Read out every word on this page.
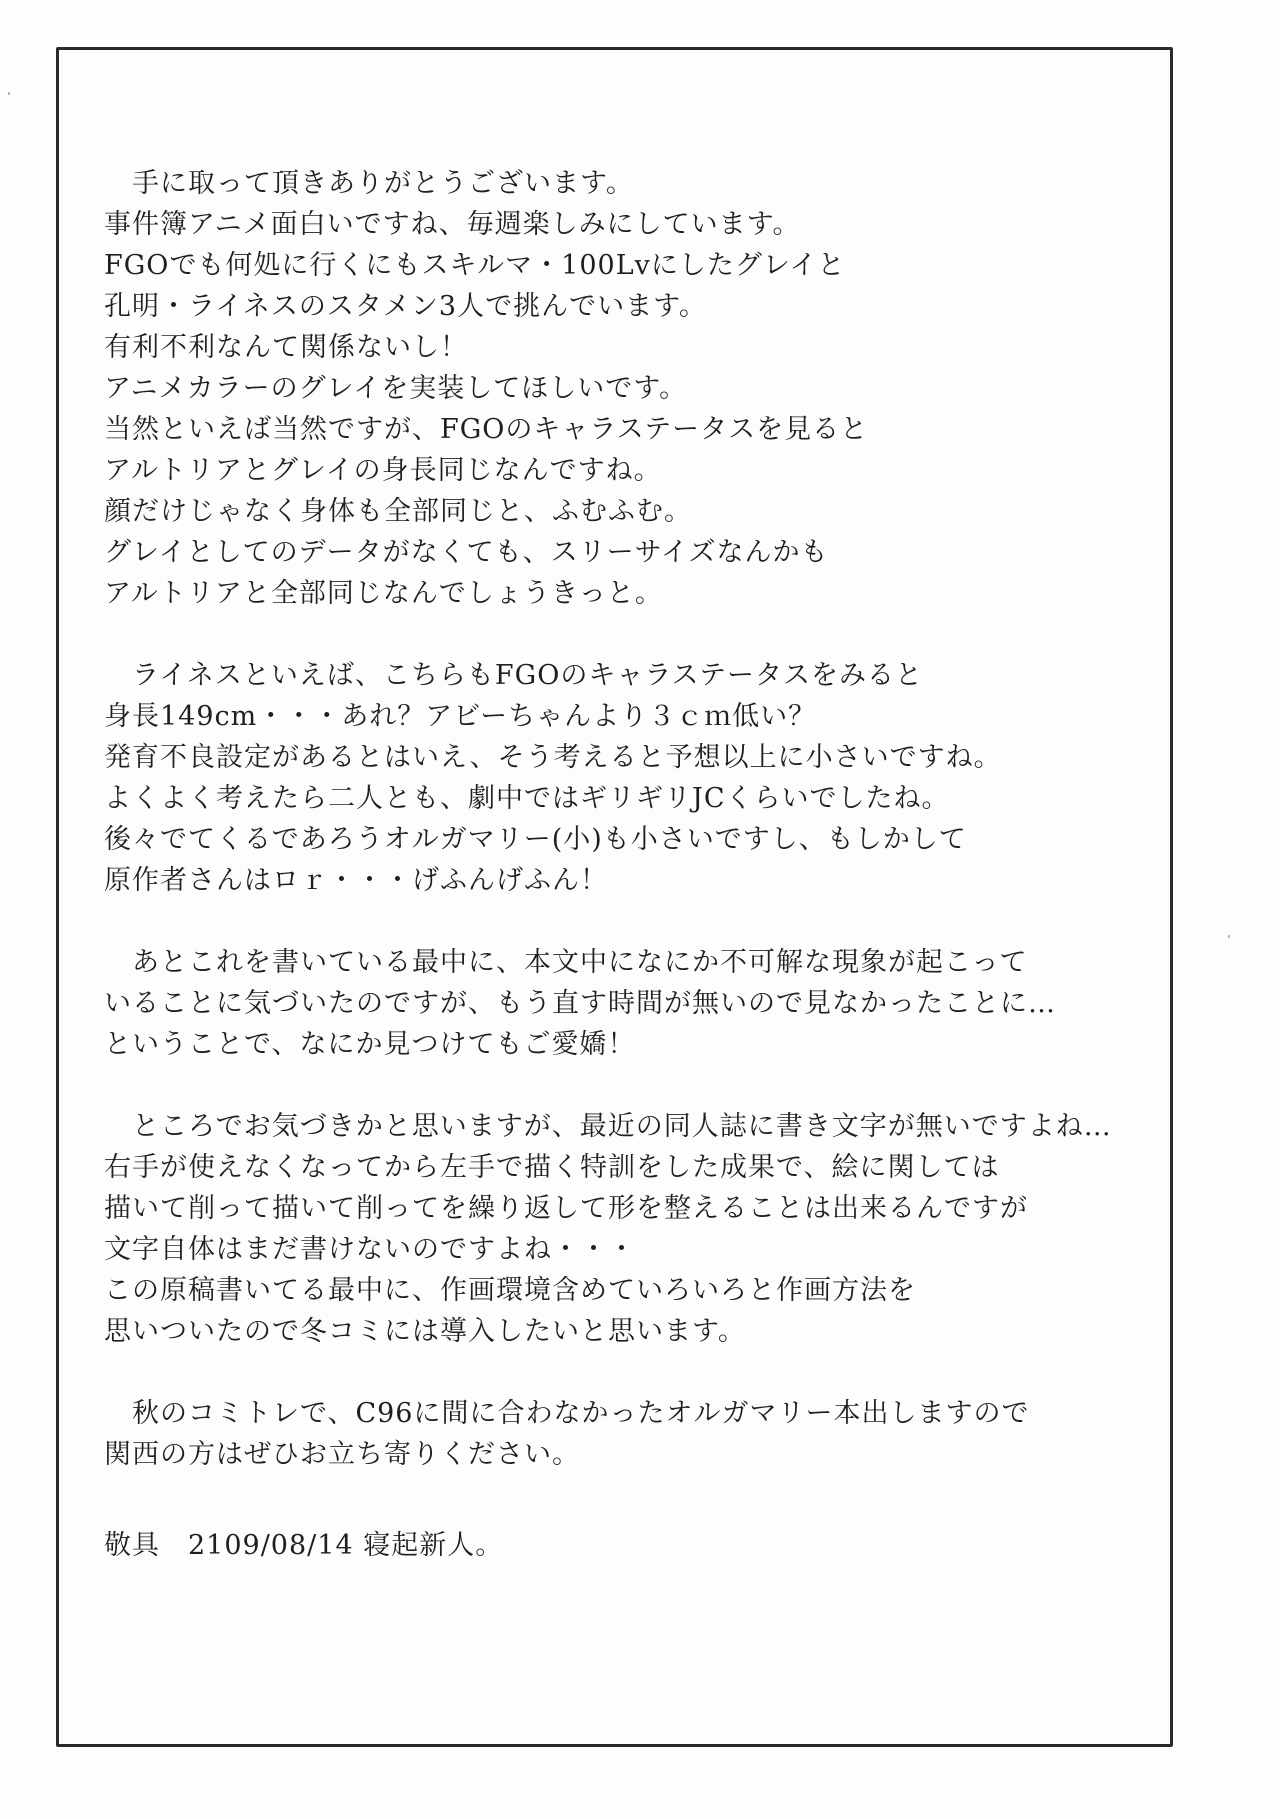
手に取って頂きありがとうございます。
事件簿アニメ面白いですね、毎週楽しみにしています。
FGOでも何処に行くにもスキルマ・100Lvにしたグレイと
孔明・ライネスのスタメン3人で挑んでいます。
有利不利なんて関係ないし！
アニメカラーのグレイを実装してほしいです。
当然といえば当然ですが、FGOのキャラステータスを見ると
アルトリアとグレイの身長同じなんですね。
顔だけじゃなく身体も全部同じと、ふむふむ。
グレイとしてのデータがなくても、スリーサイズなんかも
アルトリアと全部同じなんでしょうきっと。
ライネスといえば、こちらもFGOのキャラステータスをみると
身長149cm・・・あれ？アビーちゃんより３ｃｍ低い？
発育不良設定があるとはいえ、そう考えると予想以上に小さいですね。
よくよく考えたら二人とも、劇中ではギリギリJCくらいでしたね。
後々でてくるであろうオルガマリー(小)も小さいですし、もしかして
原作者さんはロｒ・・・げふんげふん！
あとこれを書いている最中に、本文中になにか不可解な現象が起こって
いることに気づいたのですが、もう直す時間が無いので見なかったことに…
ということで、なにか見つけてもご愛嬌！
ところでお気づきかと思いますが、最近の同人誌に書き文字が無いですよね…
右手が使えなくなってから左手で描く特訓をした成果で、絵に関しては
描いて削って描いて削ってを繰り返して形を整えることは出来るんですが
文字自体はまだ書けないのですよね・・・
この原稿書いてる最中に、作画環境含めていろいろと作画方法を
思いついたので冬コミには導入したいと思います。
秋のコミトレで、C96に間に合わなかったオルガマリー本出しますので
関西の方はぜひお立ち寄りください。
敬具　2109/08/14 寝起新人。
